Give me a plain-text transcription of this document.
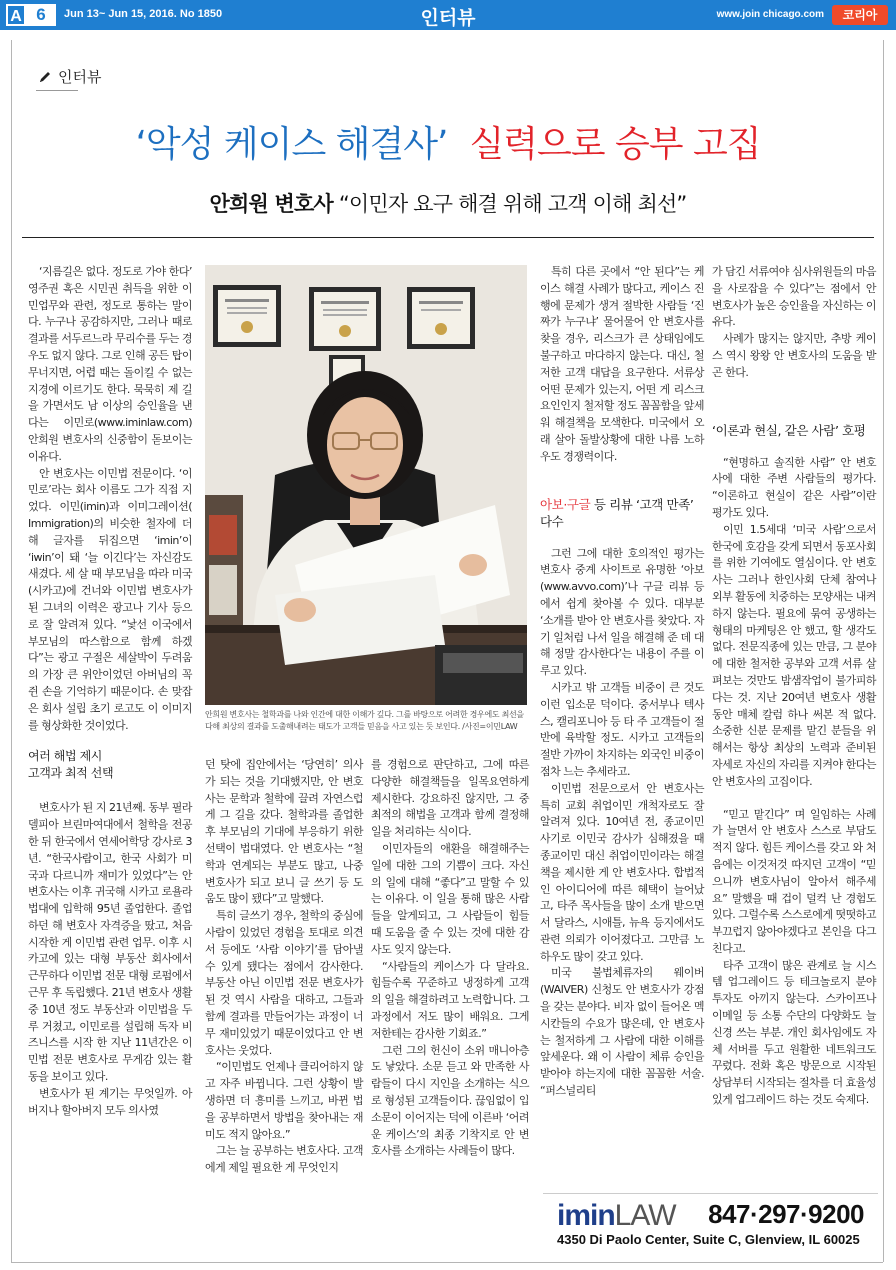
A 6	Jun 13~ Jun 15, 2016. No 1850	인터뷰	www.join chicago.com	코리아
인터뷰
‘악성 케이스 해결사’ 실력으로 승부 고집
안희원 변호사 “이민자 요구 해결 위해 고객 이해 최선”
안희원 변호사는 철학과를 나와 인간에 대한 이해가 깊다. 그를 바탕으로 어려한 경우에도 최선을 다해 최상의 결과를 도출해내려는 태도가 고객들 믿음을 사고 있는 듯 보인다. /사진=이민LAW

‘지름길은 없다. 정도로 가야 한다’ 영주권 혹은 시민권 취득을 위한 이민업무와 관련, 정도로 통하는 말이다. 누구나 공감하지만, 그러나 때로 결과를 서두르느라 무리수를 두는 경우도 없지 않다. 그로 인해 공든 탑이 무너지면, 어렵 때는 돌이킬 수 없는 지경에 이르기도 한다. 묵묵히 제 길을 가면서도 남 이상의 승인율을 낸다는 이민로(www.iminlaw.com) 안희원 변호사의 신중함이 돋보이는 이유다.

안 변호사는 이민법 전문이다. ‘이민로’라는 회사 이름도 그가 직접 지었다. 이민(imin)과 이미그레이션( Immigration)의 비슷한 철자에 더해 글자를 뒤집으면 ‘imin’이 ‘iwin’이 돼 ‘늘 이긴다’는 자신감도 새겼다. 세 살 때 부모님을 따라 미국(시카고)에 건너와 이민법 변호사가 된 그녀의 이력은 광고나 기사 등으로 잘 알려져 있다. “낯선 이국에서 부모님의 따스함으로 함께 하겠다”는 광고 구절은 세살박이 두려움의 가장 큰 위안이었던 아버님의 꼭 쥔 손을 기억하기 때문이다. 손 맞잡은 회사 설립 초기 로고도 이 이미지를 형상화한 것이었다.

여러 해법 제시
고객과 최적 선택

변호사가 된 지 21년째. 동부 필라델피아 브린마여대에서 철학을 전공한 뒤 한국에서 연세어학당 강사로 3년. “한국사람이고, 한국 사회가 미국과 다르니까 재미가 있었다”는 안 변호사는 이후 귀국해 시카고 로욜라 법대에 입학해 95년 졸업한다. 졸업하던 해 변호사 자격증을 땄고, 처음 시작한 게 이민법 관련 업무. 이후 시카고에 있는 대형 부동산 회사에서 근무하다 이민법 전문 대형 로펌에서 근무 후 독립했다. 21년 변호사 생활 중 10년 정도 부동산과 이민법을 두루 거쳤고, 이민로를 설립해 독자 비즈니스를 시작 한 지난 11년간은 이민법 전문 변호사로 무게감 있는 활동을 보이고 있다.

변호사가 된 계기는 무엇일까. 아버지나 할아버지 모두 의사였

던 탓에 집안에서는 ‘당연히’ 의사가 되는 것을 기대했지만, 안 변호사는 문학과 철학에 끌려 자연스럽게 그 길을 갔다. 철학과를 졸업한 후 부모님의 기대에 부응하기 위한 선택이 법대였다. 안 변호사는 “철학과 연계되는 부분도 많고, 나중 변호사가 되고 보니 글 쓰기 등 도움도 많이 됐다”고 말했다.

특히 글쓰기 경우, 철학의 중심에 사람이 있었던 경험을 토대로 의견서 등에도 ‘사람 이야기’를 담아낼 수 있게 됐다는 점에서 감사한다. 부동산 아닌 이민법 전문 변호사가 된 것 역시 사람을 대하고, 그들과 함께 결과를 만들어가는 과정이 너무 재미있었기 때문이었다고 안 변호사는 웃었다.

“이민법도 언제나 클리어하지 않고 자주 바뀝니다. 그런 상황이 발생하면 더 흥미를 느끼고, 바뀐 법을 공부하면서 방법을 찾아내는 재미도 적지 않아요.”

그는 늘 공부하는 변호사다. 고객에게 제일 필요한 게 무엇인지

를 경험으로 판단하고, 그에 따른 다양한 해결책들을 일목요연하게 제시한다. 강요하진 않지만, 그 중 최적의 해법을 고객과 함께 결정해 일을 처리하는 식이다.

이민자들의 애환을 해결해주는 일에 대한 그의 기쁨이 크다. 자신의 일에 대해 “좋다”고 말할 수 있는 이유다. 이 일을 통해 많은 사람들을 알게되고, 그 사람들이 힘들 때 도움을 줄 수 있는 것에 대한 감사도 잊지 않는다.

“사람들의 케이스가 다 달라요. 힘들수록 꾸준하고 냉정하게 고객의 일을 해결하려고 노력합니다. 그 과정에서 저도 많이 배워요. 그게 저한테는 감사한 기회죠.”

그런 그의 헌신이 소위 매니아층도 낳았다. 소문 듣고 와 만족한 사람들이 다시 지인을 소개하는 식으로 형성된 고객들이다. 끊임없이 입소문이 이어지는 덕에 이른바 ‘어려운 케이스’의 최종 기착지로 안 변호사를 소개하는 사례들이 많다.

특히 다른 곳에서 “안 된다”는 케이스 해결 사례가 많다고, 케이스 진행에 문제가 생겨 절박한 사람들 ‘진짜가 누구냐’ 물어물어 안 변호사를 찾을 경우, 리스크가 큰 상태임에도 불구하고 마다하지 않는다. 대신, 철저한 고객 대답을 요구한다. 서류상 어떤 문제가 있는지, 어떤 게 리스크 요인인지 철저할 정도 꼼꼼함을 앞세워 해결책을 모색한다. 미국에서 오래 살아 돌발상황에 대한 나름 노하우도 경쟁력이다.

아보·구글 등 리뷰 ‘고객 만족’ 다수

그런 그에 대한 호의적인 평가는 변호사 중계 사이트로 유명한 ‘아보(www.avvo.com)’나 구글 리뷰 등에서 쉽게 찾아볼 수 있다. 대부분 ‘소개를 받아 안 변호사를 찾았다. 자기 일처럼 나서 일을 해결해 준 데 대해 정말 감사한다’는 내용이 주를 이루고 있다.

시카고 밖 고객들 비중이 큰 것도 이런 입소문 덕이다. 중서부나 텍사스, 캘리포니아 등 타 주 고객들이 절반에 육박할 정도. 시카고 고객들의 절반 가까이 차지하는 외국인 비중이 점차 느는 추세라고.

이민법 전문으로서 안 변호사는 특히 교회 취업이민 개척자로도 잘 알려져 있다. 10여년 전, 종교이민 사기로 이민국 감사가 심해졌을 때 종교이민 대신 취업이민이라는 해결책을 제시한 게 안 변호사다. 합법적인 아이디어에 따른 혜택이 늘어났고, 타주 목사들을 많이 소개 받으면서 달라스, 시애틀, 뉴욕 등지에서도 관련 의뢰가 이어졌다고. 그만큼 노하우도 많이 갖고 있다.

미국 불법체류자의 웨이버(WAIVER) 신청도 안 변호사가 강점을 갖는 분야다. 비자 없이 들어온 멕시칸들의 수요가 많은데, 안 변호사는 철저하게 그 사람에 대한 이해를 앞세운다. 왜 이 사람이 체류 승인을 받아야 하는지에 대한 꼼꼼한 서술. “퍼스널리티

가 담긴 서류여야 심사위원들의 마음을 사로잡을 수 있다”는 점에서 안 변호사가 높은 승인율을 자신하는 이유다.

사례가 많지는 않지만, 추방 케이스 역시 왕왕 안 변호사의 도움을 받곤 한다.

‘이론과 현실, 같은 사람’ 호평

“현명하고 솔직한 사람” 안 변호사에 대한 주변 사람들의 평가다. “이론하고 현실이 같은 사람”이란 평가도 있다.

이민 1.5세대 ‘미국 사람’으로서 한국에 호감을 갖게 되면서 동포사회를 위한 기여에도 열심이다. 안 변호사는 그러나 한인사회 단체 참여나 외부 활동에 치중하는 모양새는 내켜하지 않는다. 필요에 묶여 공생하는 형태의 마케팅은 안 했고, 할 생각도 없다. 전문직종에 있는 만큼, 그 분야에 대한 철저한 공부와 고객 서류 살펴보는 것만도 밤샘작업이 불가피하다는 것. 지난 20여년 변호사 생활 동안 매체 칼럼 하나 써본 적 없다. 소중한 신분 문제를 맡긴 분들을 위해서는 항상 최상의 노력과 준비된 자세로 자신의 자리를 지켜야 한다는 안 변호사의 고집이다.

“믿고 맡긴다” 며 일임하는 사례가 늘면서 안 변호사 스스로 부담도 적지 않다. 힘든 케이스를 갖고 와 처음에는 이것저것 따지던 고객이 “믿으니까 변호사님이 알아서 해주세요” 말했을 때 겁이 덜컥 난 경험도 있다. 그럴수록 스스로에게 떳떳하고 부끄럽지 않아야겠다고 본인을 다그친다고.

타주 고객이 많은 관계로 늘 시스템 업그레이드 등 테크놀로지 분야 투자도 아끼지 않는다. 스카이프나 이메일 등 소통 수단의 다양화도 늘 신경 쓰는 부분. 개인 회사임에도 자체 서버를 두고 원활한 네트워크도 꾸렸다. 전화 혹은 방문으로 시작된 상담부터 시작되는 절차를 더 효율성 있게 업그레이드 하는 것도 숙제다.

iminLAW 847·297·9200
4350 Di Paolo Center, Suite C, Glenview, IL 60025
